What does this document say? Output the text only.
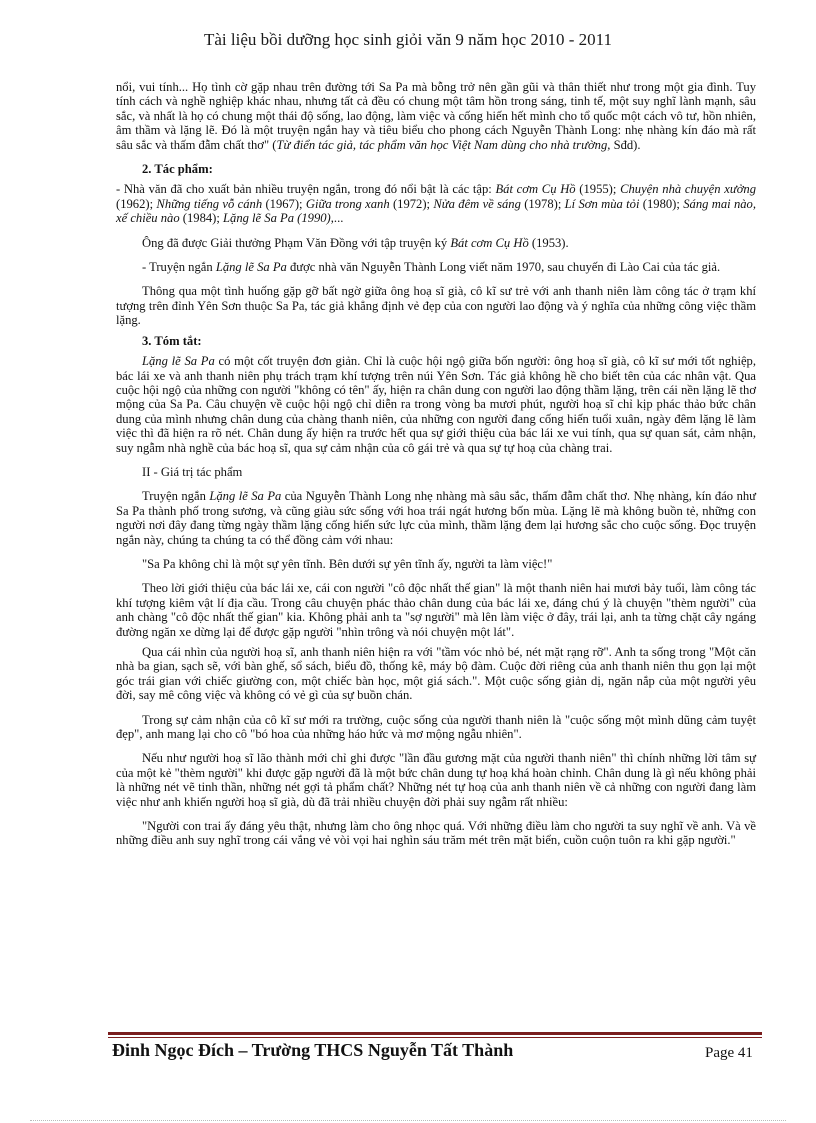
Tài liệu bồi dưỡng học sinh giỏi văn 9 năm học 2010 - 2011

nổi, vui tính... Họ tình cờ gặp nhau trên đường tới Sa Pa mà bỗng trở nên gần gũi và thân thiết như trong một gia đình. Tuy tính cách và nghề nghiệp khác nhau, nhưng tất cả đều có chung một tâm hồn trong sáng, tinh tế, một suy nghĩ lành mạnh, sâu sắc, và nhất là họ có chung một thái độ sống, lao động, làm việc và cống hiến hết mình cho tổ quốc một cách vô tư, hồn nhiên, âm thầm và lặng lẽ. Đó là một truyện ngắn hay và tiêu biểu cho phong cách Nguyễn Thành Long: nhẹ nhàng kín đáo mà rất sâu sắc và thấm đẫm chất thơ" (Từ điển tác giả, tác phẩm văn học Việt Nam dùng cho nhà trường, Sđd).

2. Tác phẩm:

- Nhà văn đã cho xuất bản nhiều truyện ngắn, trong đó nổi bật là các tập: Bát cơm Cụ Hồ (1955); Chuyện nhà chuyện xưởng (1962); Những tiếng vỗ cánh (1967); Giữa trong xanh (1972); Nửa đêm về sáng (1978); Lí Sơn mùa tỏi (1980); Sáng mai nào, xế chiều nào (1984); Lặng lẽ Sa Pa (1990),...

Ông đã được Giải thưởng Phạm Văn Đồng với tập truyện ký Bát cơm Cụ Hồ (1953).

- Truyện ngắn Lặng lẽ Sa Pa được nhà văn Nguyễn Thành Long viết năm 1970, sau chuyến đi Lào Cai của tác giả.

Thông qua một tình huống gặp gỡ bất ngờ giữa ông hoạ sĩ già, cô kĩ sư trẻ với anh thanh niên làm công tác ở trạm khí tượng trên đỉnh Yên Sơn thuộc Sa Pa, tác giả khẳng định vẻ đẹp của con người lao động và ý nghĩa của những công việc thầm lặng.

3. Tóm tắt:

Lặng lẽ Sa Pa có một cốt truyện đơn giản. Chỉ là cuộc hội ngộ giữa bốn người: ông hoạ sĩ già, cô kĩ sư mới tốt nghiệp, bác lái xe và anh thanh niên phụ trách trạm khí tượng trên núi Yên Sơn. Tác giả không hề cho biết tên của các nhân vật. Qua cuộc hội ngộ của những con người "không có tên" ấy, hiện ra chân dung con người lao động thầm lặng, trên cái nền lặng lẽ thơ mộng của Sa Pa. Câu chuyện về cuộc hội ngộ chỉ diễn ra trong vòng ba mươi phút, người hoạ sĩ chỉ kịp phác thảo bức chân dung của mình nhưng chân dung của chàng thanh niên, của những con người đang cống hiến tuổi xuân, ngày đêm lặng lẽ làm việc thì đã hiện ra rõ nét. Chân dung ấy hiện ra trước hết qua sự giới thiệu của bác lái xe vui tính, qua sự quan sát, cảm nhận, suy ngẫm nhà nghề của bác hoạ sĩ, qua sự cảm nhận của cô gái trẻ và qua sự tự hoạ của chàng trai.

II - Giá trị tác phẩm

Truyện ngắn Lặng lẽ Sa Pa của Nguyễn Thành Long nhẹ nhàng mà sâu sắc, thấm đẫm chất thơ. Nhẹ nhàng, kín đáo như Sa Pa thành phố trong sương, và cũng giàu sức sống với hoa trái ngát hương bốn mùa. Lặng lẽ mà không buồn tẻ, những con người nơi đây đang từng ngày thầm lặng cống hiến sức lực của mình, thầm lặng đem lại hương sắc cho cuộc sống. Đọc truyện ngắn này, chúng ta chúng ta có thể đồng cảm với nhau:

"Sa Pa không chỉ là một sự yên tĩnh. Bên dưới sự yên tĩnh ấy, người ta làm việc!"

Theo lời giới thiệu của bác lái xe, cái con người "cô độc nhất thế gian" là một thanh niên hai mươi bảy tuổi, làm công tác khí tượng kiêm vật lí địa cầu. Trong câu chuyện phác thảo chân dung của bác lái xe, đáng chú ý là chuyện "thèm người" của anh chàng "cô độc nhất thế gian" kia. Không phải anh ta "sợ người" mà lên làm việc ở đây, trái lại, anh ta từng chặt cây ngáng đường ngăn xe dừng lại để được gặp người "nhìn trông và nói chuyện một lát".

Qua cái nhìn của người hoạ sĩ, anh thanh niên hiện ra với "tầm vóc nhỏ bé, nét mặt rạng rỡ". Anh ta sống trong "Một căn nhà ba gian, sạch sẽ, với bàn ghế, sổ sách, biểu đồ, thống kê, máy bộ đàm. Cuộc đời riêng của anh thanh niên thu gọn lại một góc trái gian với chiếc giường con, một chiếc bàn học, một giá sách.". Một cuộc sống giản dị, ngăn nắp của một người yêu đời, say mê công việc và không có vẻ gì của sự buồn chán.

Trong sự cảm nhận của cô kĩ sư mới ra trường, cuộc sống của người thanh niên là "cuộc sống một mình dũng cảm tuyệt đẹp", anh mang lại cho cô "bó hoa của những háo hức và mơ mộng ngẫu nhiên".

Nếu như người hoạ sĩ lão thành mới chỉ ghi được "lần đầu gương mặt của người thanh niên" thì chính những lời tâm sự của một kẻ "thèm người" khi được gặp người đã là một bức chân dung tự hoạ khá hoàn chỉnh. Chân dung là gì nếu không phải là những nét vẽ tinh thần, những nét gợi tả phẩm chất? Những nét tự hoạ của anh thanh niên về cả những con người đang làm việc như anh khiến người hoạ sĩ già, dù đã trải nhiều chuyện đời phải suy ngẫm rất nhiều:

"Người con trai ấy đáng yêu thật, nhưng làm cho ông nhọc quá. Với những điều làm cho người ta suy nghĩ về anh. Và về những điều anh suy nghĩ trong cái vắng vẻ vòi vọi hai nghìn sáu trăm mét trên mặt biển, cuồn cuộn tuôn ra khi gặp người."

Đinh Ngọc Đích – Trường THCS Nguyễn Tất Thành	Page 41
